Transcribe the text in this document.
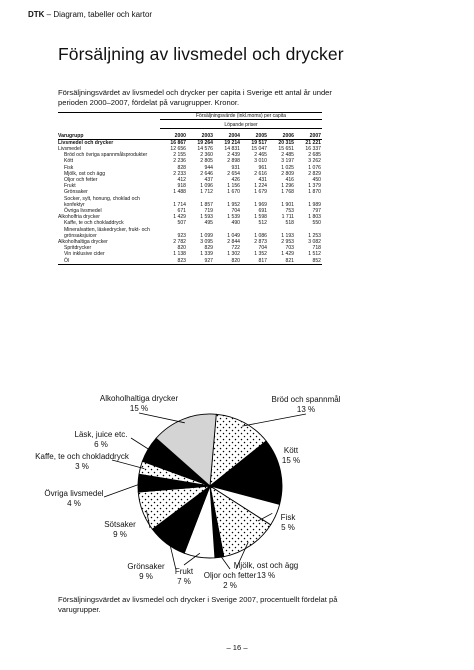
DTK – Diagram, tabeller och kartor
Försäljning av livsmedel och drycker
Försäljningsvärdet av livsmedel och drycker per capita i Sverige ett antal år under perioden 2000–2007, fördelat på varugrupper. Kronor.
	Försäljningsvärde (inkl.moms) per capita					
	Löpande priser					
Varugrupp	2000	2003	2004	2005	2006	2007
Livsmedel och drycker	16 867	19 264	19 214	19 517	20 315	21 221
Livsmedel	12 656	14 576	14 831	15 047	15 651	16 337
Bröd och övriga spannmålsprodukter	2 155	2 360	2 439	2 465	2 485	2 685
Kött	2 236	2 805	2 898	3 010	3 197	3 262
Fisk	828	944	931	961	1 025	1 076
Mjölk, ost och ägg	2 233	2 646	2 654	2 616	2 809	2 829
Oljor och fetter	412	437	426	431	416	450
Frukt	918	1 096	1 156	1 224	1 296	1 379
Grönsaker	1 488	1 712	1 670	1 679	1 768	1 870
Socker, sylt, honung, choklad och konfektyr	1 714	1 857	1 952	1 969	1 901	1 989
Övriga livsmedel	671	719	704	691	753	797
Alkoholfria drycker	1 429	1 593	1 539	1 598	1 711	1 803
Kaffe, te och chokladdryck	507	495	490	512	518	550
Mineralvatten, läskedrycker, frukt- och grönsaksjuicer	923	1 099	1 049	1 086	1 193	1 253
Alkoholhaltiga drycker	2 782	3 095	2 844	2 873	2 953	3 082
Spritdrycker	820	829	722	704	703	718
Vin inklusive cider	1 138	1 339	1 302	1 352	1 429	1 512
Öl	823	927	820	817	821	852
Bröd och spannmål
13 %
Kött
15 %
Fisk
5 %
Mjölk, ost och ägg
13 %
Oljor och fetter
2 %
Frukt
7 %
Grönsaker
9 %
Sötsaker
9 %
Övriga livsmedel
4 %
Kaffe, te och chokladdryck
3 %
Läsk, juice etc.
6 %
Alkoholhaltiga drycker
15 %
Försäljningsvärdet av livsmedel och drycker i Sverige 2007, procentuellt fördelat på varugrupper.
– 16 –
